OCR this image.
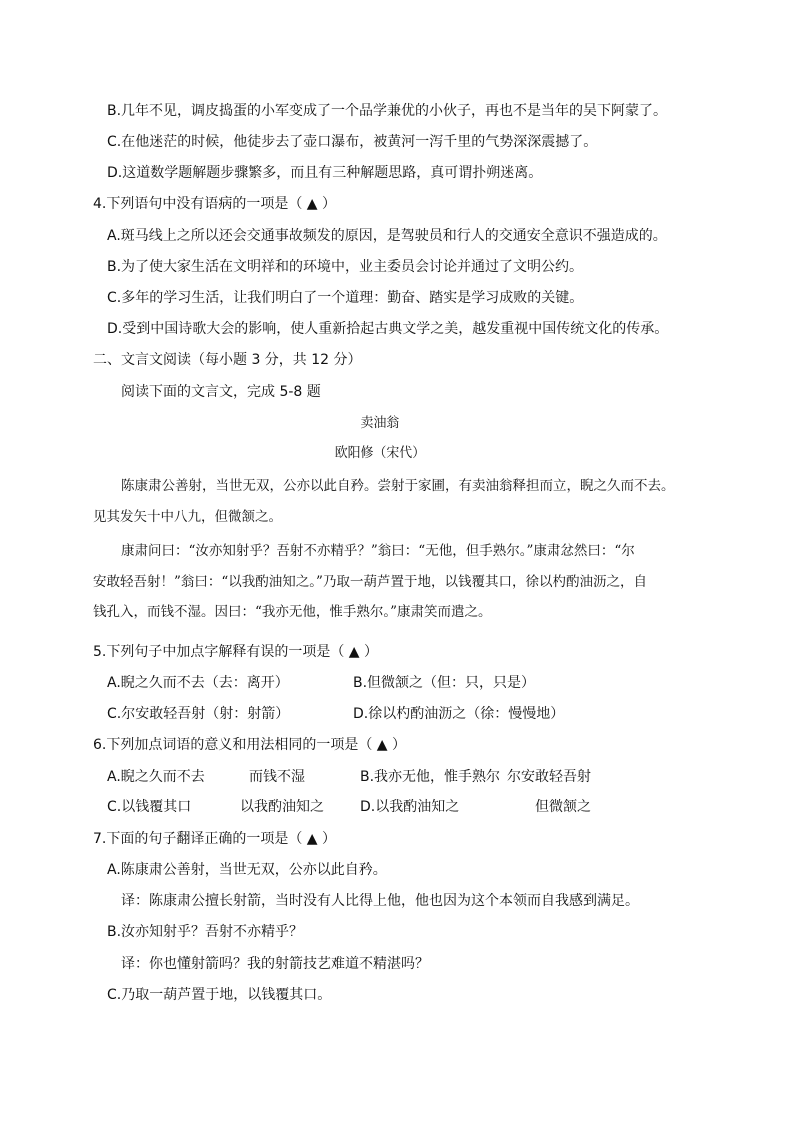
B.几年不见，调皮捣蛋的小军变成了一个品学兼优的小伙子，再也不是当年的吴下阿蒙了。
C.在他迷茫的时候，他徒步去了壶口瀑布，被黄河一泻千里的气势深深震撼了。
D.这道数学题解题步骤繁多，而且有三种解题思路，真可谓扑朔迷离。
4.下列语句中没有语病的一项是（ ▲ ）
A.斑马线上之所以还会交通事故频发的原因，是驾驶员和行人的交通安全意识不强造成的。
B.为了使大家生活在文明祥和的环境中，业主委员会讨论并通过了文明公约。
C.多年的学习生活，让我们明白了一个道理：勤奋、踏实是学习成败的关键。
D.受到中国诗歌大会的影响，使人重新拾起古典文学之美，越发重视中国传统文化的传承。
二、文言文阅读（每小题 3 分，共 12 分）
阅读下面的文言文，完成 5-8 题
卖油翁
欧阳修（宋代）
陈康肃公善射，当世无双，公亦以此自矜。尝射于家圃，有卖油翁释担而立，睨之久而不去。
见其发矢十中八九，但微颔之。
康肃问曰：“汝亦知射乎？吾射不亦精乎？”翁曰：“无他，但手熟尔。”康肃忿然曰：“尔
安敢轻吾射！”翁曰：“以我酌油知之。”乃取一葫芦置于地，以钱覆其口，徐以杓酌油沥之，自
钱孔入，而钱不湿。因曰：“我亦无他，惟手熟尔。”康肃笑而遣之。
5.下列句子中加点字解释有误的一项是（ ▲ ）
A.睨之久而不去（去：离开）	B.但微颔之（但：只，只是）
C.尔安敢轻吾射（射：射箭）	D.徐以杓酌油沥之（徐：慢慢地）
6.下列加点词语的意义和用法相同的一项是（ ▲ ）
A.睨之久而不去	而钱不湿	B.我亦无他，惟手熟尔 尔安敢轻吾射
C.以钱覆其口	以我酌油知之	D.以我酌油知之	但微颔之
7.下面的句子翻译正确的一项是（ ▲ ）
A.陈康肃公善射，当世无双，公亦以此自矜。
译：陈康肃公擅长射箭，当时没有人比得上他，他也因为这个本领而自我感到满足。
B.汝亦知射乎？吾射不亦精乎？
译：你也懂射箭吗？我的射箭技艺难道不精湛吗？
C.乃取一葫芦置于地，以钱覆其口。
